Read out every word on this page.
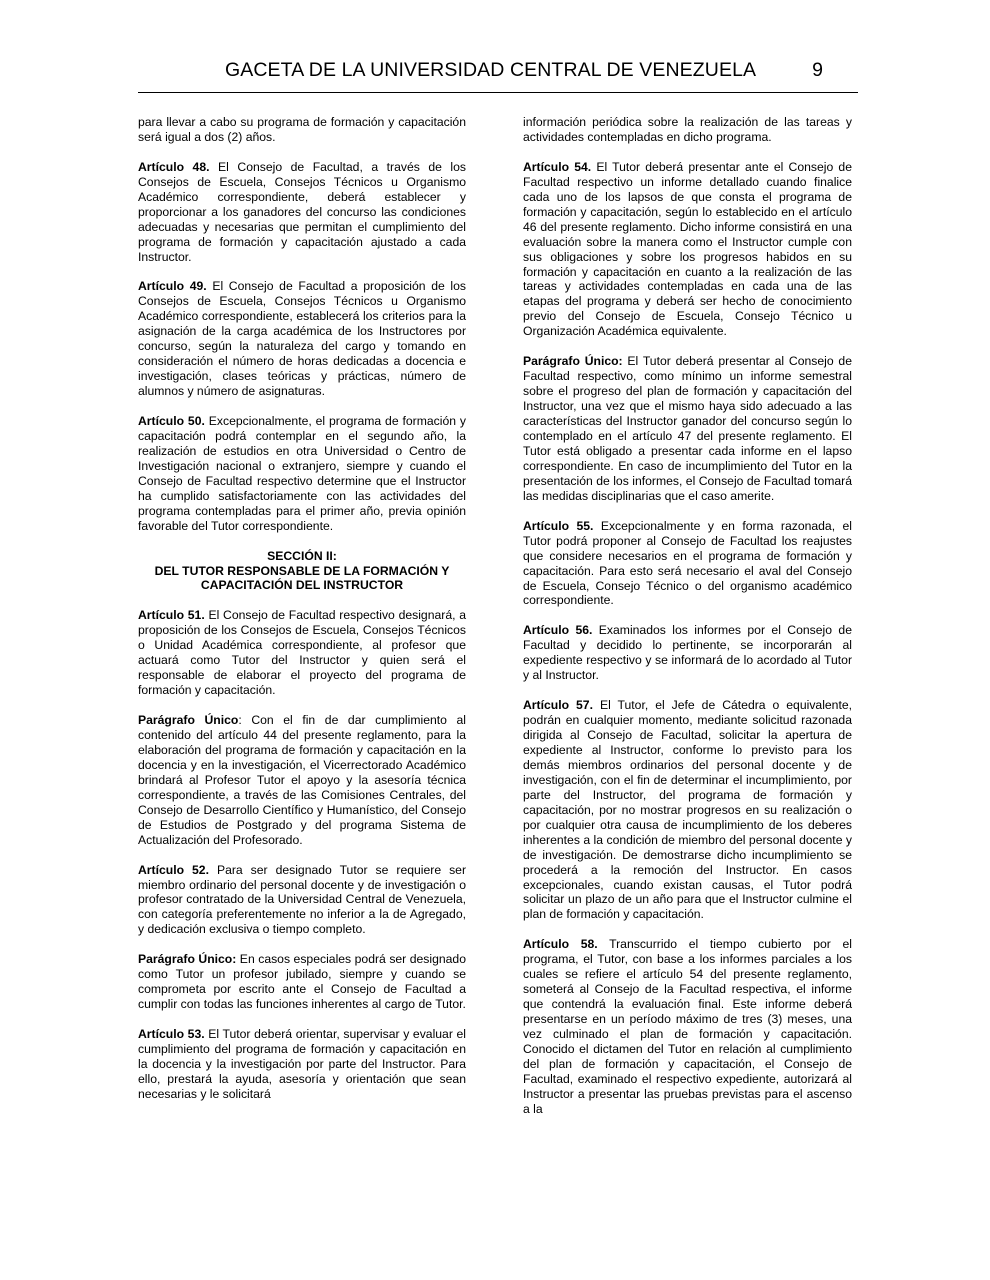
GACETA DE LA UNIVERSIDAD CENTRAL DE VENEZUELA	9

para llevar a cabo su programa de formación y capacitación será igual a dos (2) años.

Artículo 48. El Consejo de Facultad, a través de los Consejos de Escuela, Consejos Técnicos u Organismo Académico correspondiente, deberá establecer y proporcionar a los ganadores del concurso las condiciones adecuadas y necesarias que permitan el cumplimiento del programa de formación y capacitación ajustado a cada Instructor.

Artículo 49. El Consejo de Facultad a proposición de los Consejos de Escuela, Consejos Técnicos u Organismo Académico correspondiente, establecerá los criterios para la asignación de la carga académica de los Instructores por concurso, según la naturaleza del cargo y tomando en consideración el número de horas dedicadas a docencia e investigación, clases teóricas y prácticas, número de alumnos y número de asignaturas.

Artículo 50. Excepcionalmente, el programa de formación y capacitación podrá contemplar en el segundo año, la realización de estudios en otra Universidad o Centro de Investigación nacional o extranjero, siempre y cuando el Consejo de Facultad respectivo determine que el Instructor ha cumplido satisfactoriamente con las actividades del programa contempladas para el primer año, previa opinión favorable del Tutor correspondiente.

SECCIÓN II:
DEL TUTOR RESPONSABLE DE LA FORMACIÓN Y
CAPACITACIÓN DEL INSTRUCTOR

Artículo 51. El Consejo de Facultad respectivo designará, a proposición de los Consejos de Escuela, Consejos Técnicos o Unidad Académica correspondiente, al profesor que actuará como Tutor del Instructor y quien será el responsable de elaborar el proyecto del programa de formación y capacitación.

Parágrafo Único: Con el fin de dar cumplimiento al contenido del artículo 44 del presente reglamento, para la elaboración del programa de formación y capacitación en la docencia y en la investigación, el Vicerrectorado Académico brindará al Profesor Tutor el apoyo y la asesoría técnica correspondiente, a través de las Comisiones Centrales, del Consejo de Desarrollo Científico y Humanístico, del Consejo de Estudios de Postgrado y del programa Sistema de Actualización del Profesorado.

Artículo 52. Para ser designado Tutor se requiere ser miembro ordinario del personal docente y de investigación o profesor contratado de la Universidad Central de Venezuela, con categoría preferentemente no inferior a la de Agregado, y dedicación exclusiva o tiempo completo.

Parágrafo Único: En casos especiales podrá ser designado como Tutor un profesor jubilado, siempre y cuando se comprometa por escrito ante el Consejo de Facultad a cumplir con todas las funciones inherentes al cargo de Tutor.

Artículo 53. El Tutor deberá orientar, supervisar y evaluar el cumplimiento del programa de formación y capacitación en la docencia y la investigación por parte del Instructor. Para ello, prestará la ayuda, asesoría y orientación que sean necesarias y le solicitará

información periódica sobre la realización de las tareas y actividades contempladas en dicho programa.

Artículo 54. El Tutor deberá presentar ante el Consejo de Facultad respectivo un informe detallado cuando finalice cada uno de los lapsos de que consta el programa de formación y capacitación, según lo establecido en el artículo 46 del presente reglamento. Dicho informe consistirá en una evaluación sobre la manera como el Instructor cumple con sus obligaciones y sobre los progresos habidos en su formación y capacitación en cuanto a la realización de las tareas y actividades contempladas en cada una de las etapas del programa y deberá ser hecho de conocimiento previo del Consejo de Escuela, Consejo Técnico u Organización Académica equivalente.

Parágrafo Único: El Tutor deberá presentar al Consejo de Facultad respectivo, como mínimo un informe semestral sobre el progreso del plan de formación y capacitación del Instructor, una vez que el mismo haya sido adecuado a las características del Instructor ganador del concurso según lo contemplado en el artículo 47 del presente reglamento. El Tutor está obligado a presentar cada informe en el lapso correspondiente. En caso de incumplimiento del Tutor en la presentación de los informes, el Consejo de Facultad tomará las medidas disciplinarias que el caso amerite.

Artículo 55. Excepcionalmente y en forma razonada, el Tutor podrá proponer al Consejo de Facultad los reajustes que considere necesarios en el programa de formación y capacitación. Para esto será necesario el aval del Consejo de Escuela, Consejo Técnico o del organismo académico correspondiente.

Artículo 56. Examinados los informes por el Consejo de Facultad y decidido lo pertinente, se incorporarán al expediente respectivo y se informará de lo acordado al Tutor y al Instructor.

Artículo 57. El Tutor, el Jefe de Cátedra o equivalente, podrán en cualquier momento, mediante solicitud razonada dirigida al Consejo de Facultad, solicitar la apertura de expediente al Instructor, conforme lo previsto para los demás miembros ordinarios del personal docente y de investigación, con el fin de determinar el incumplimiento, por parte del Instructor, del programa de formación y capacitación, por no mostrar progresos en su realización o por cualquier otra causa de incumplimiento de los deberes inherentes a la condición de miembro del personal docente y de investigación. De demostrarse dicho incumplimiento se procederá a la remoción del Instructor. En casos excepcionales, cuando existan causas, el Tutor podrá solicitar un plazo de un año para que el Instructor culmine el plan de formación y capacitación.

Artículo 58. Transcurrido el tiempo cubierto por el programa, el Tutor, con base a los informes parciales a los cuales se refiere el artículo 54 del presente reglamento, someterá al Consejo de la Facultad respectiva, el informe que contendrá la evaluación final. Este informe deberá presentarse en un período máximo de tres (3) meses, una vez culminado el plan de formación y capacitación. Conocido el dictamen del Tutor en relación al cumplimiento del plan de formación y capacitación, el Consejo de Facultad, examinado el respectivo expediente, autorizará al Instructor a presentar las pruebas previstas para el ascenso a la
